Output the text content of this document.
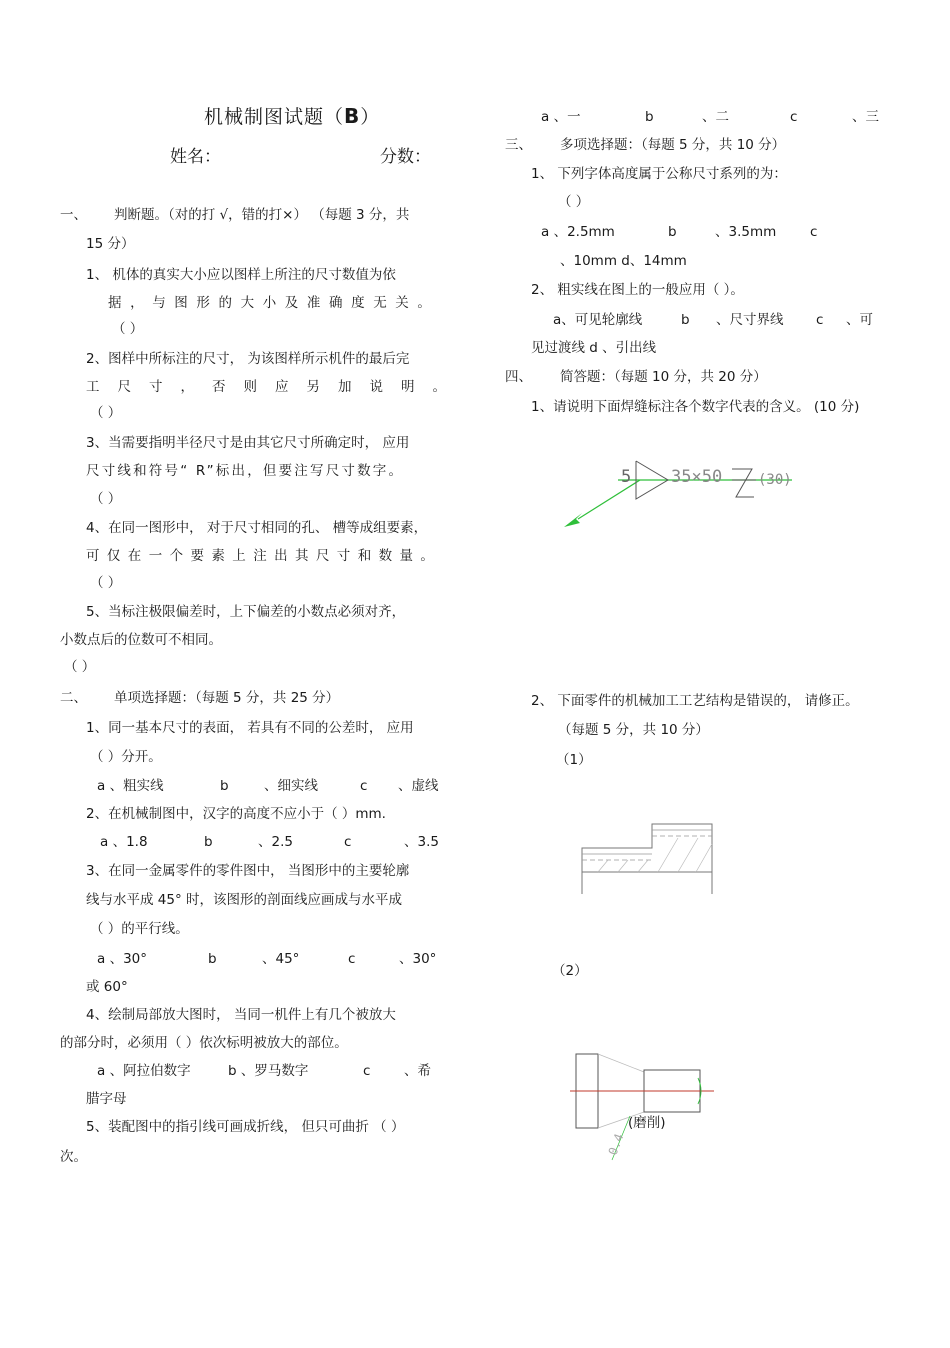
机械制图试题（B）
姓名：	分数：
一、 判断题。（对的打 √，错的打×） （每题 3 分，共
15 分）
1、 机体的真实大小应以图样上所注的尺寸数值为依
据，与图形的大小及准确度无关。
（ ）
2、图样中所标注的尺寸， 为该图样所示机件的最后完
工尺寸，否则应另加说明。
（ ）
3、当需要指明半径尺寸是由其它尺寸所确定时， 应用
尺寸线和符号“ R”标出，但要注写尺寸数字。
（ ）
4、在同一图形中， 对于尺寸相同的孔、 槽等成组要素，
可仅在一个要素上注出其尺寸和数量。
（ ）
5、当标注极限偏差时，上下偏差的小数点必须对齐，
小数点后的位数可不相同。
（ ）
二、 单项选择题：（每题 5 分，共 25 分）
1、同一基本尺寸的表面， 若具有不同的公差时， 应用
（ ）分开。
a 、粗实线	b	、细实线	c 、虚线
2、在机械制图中，汉字的高度不应小于（ ）mm.
a 、1.8	b	、2.5	c	、3.5
3、在同一金属零件的零件图中， 当图形中的主要轮廓
线与水平成 45° 时，该图形的剖面线应画成与水平成
（ ）的平行线。
a 、30°	b	、45°	c	、30°
或 60°
4、绘制局部放大图时， 当同一机件上有几个被放大
的部分时，必须用（ ）依次标明被放大的部位。
a 、阿拉伯数字	b 、罗马数字	c 、希
腊字母
5、装配图中的指引线可画成折线， 但只可曲折 （ ）
次。
a 、一	b	、二	c	、三
三、 多项选择题：（每题 5 分，共 10 分）
1、 下列字体高度属于公称尺寸系列的为：
（ ）
a 、2.5mm	b	、3.5mm c
、10mm d、14mm
2、 粗实线在图上的一般应用（ ）。
a、可见轮廓线	b 、尺寸界线 c 、可
见过渡线 d 、引出线
四、 简答题：（每题 10 分，共 20 分）
1、请说明下面焊缝标注各个数字代表的含义。 (10 分)
5 35×50	(30)
2、 下面零件的机械加工工艺结构是错误的， 请修正。
（每题 5 分，共 10 分）
（1）
（2）
0.4
(磨削)
